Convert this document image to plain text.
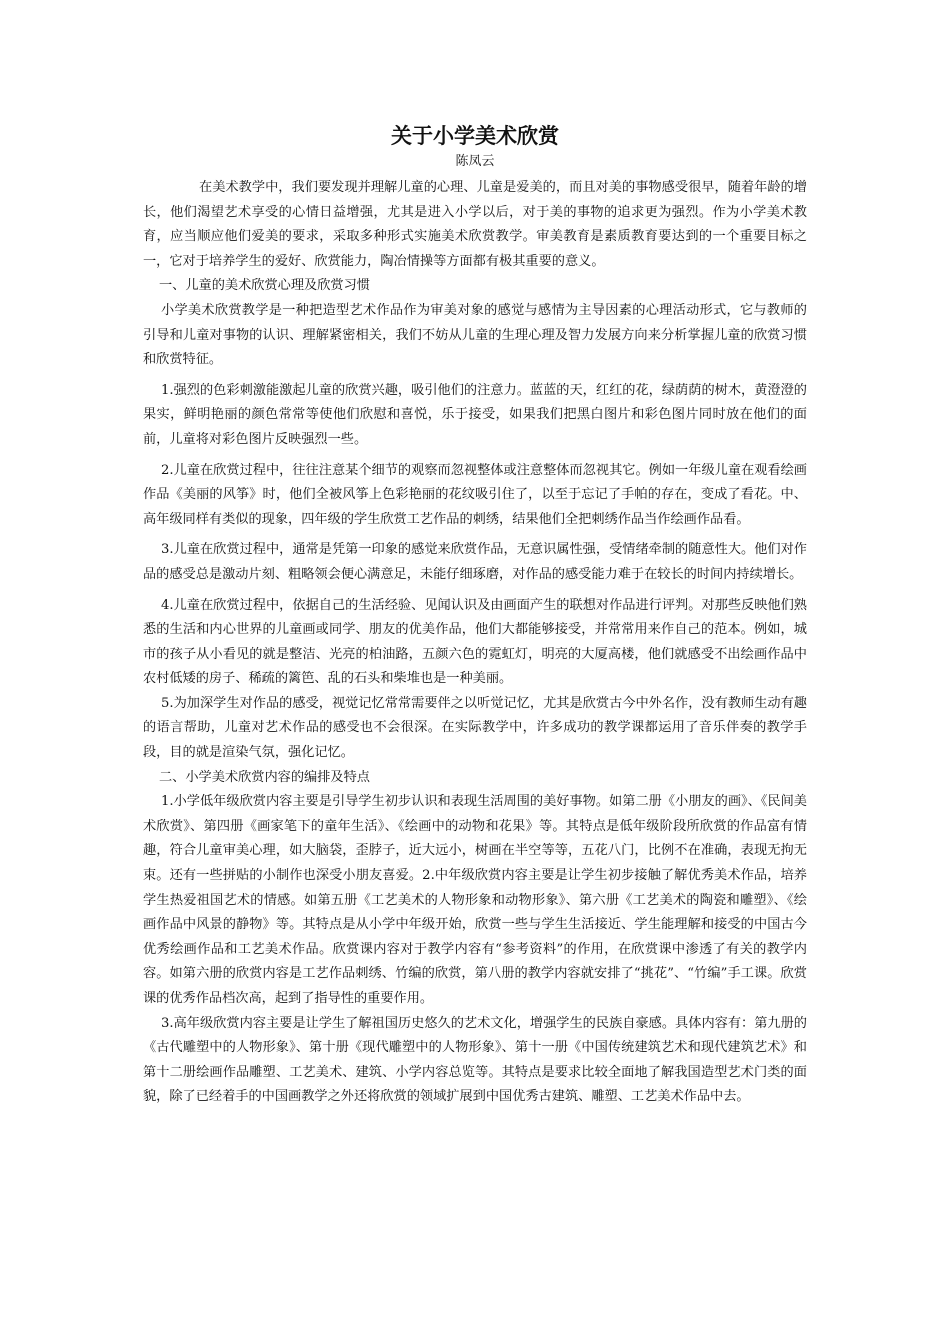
关于小学美术欣赏

陈凤云

在美术教学中，我们要发现并理解儿童的心理、儿童是爱美的，而且对美的事物感受很早，随着年龄的增长，他们渴望艺术享受的心情日益增强，尤其是进入小学以后，对于美的事物的追求更为强烈。作为小学美术教育，应当顺应他们爱美的要求，采取多种形式实施美术欣赏教学。审美教育是素质教育要达到的一个重要目标之一，它对于培养学生的爱好、欣赏能力，陶冶情操等方面都有极其重要的意义。

一、儿童的美术欣赏心理及欣赏习惯

小学美术欣赏教学是一种把造型艺术作品作为审美对象的感觉与感情为主导因素的心理活动形式，它与教师的引导和儿童对事物的认识、理解紧密相关，我们不妨从儿童的生理心理及智力发展方向来分析掌握儿童的欣赏习惯和欣赏特征。

1.强烈的色彩刺激能激起儿童的欣赏兴趣，吸引他们的注意力。蓝蓝的天，红红的花，绿荫荫的树木，黄澄澄的果实，鲜明艳丽的颜色常常等使他们欣慰和喜悦，乐于接受，如果我们把黑白图片和彩色图片同时放在他们的面前，儿童将对彩色图片反映强烈一些。

2.儿童在欣赏过程中，往往注意某个细节的观察而忽视整体或注意整体而忽视其它。例如一年级儿童在观看绘画作品《美丽的风筝》时，他们全被风筝上色彩艳丽的花纹吸引住了，以至于忘记了手帕的存在，变成了看花。中、高年级同样有类似的现象，四年级的学生欣赏工艺作品的刺绣，结果他们全把刺绣作品当作绘画作品看。

3.儿童在欣赏过程中，通常是凭第一印象的感觉来欣赏作品，无意识属性强，受情绪牵制的随意性大。他们对作品的感受总是激动片刻、粗略领会便心满意足，未能仔细琢磨，对作品的感受能力难于在较长的时间内持续增长。

4.儿童在欣赏过程中，依据自己的生活经验、见闻认识及由画面产生的联想对作品进行评判。对那些反映他们熟悉的生活和内心世界的儿童画或同学、朋友的优美作品，他们大都能够接受，并常常用来作自己的范本。例如，城市的孩子从小看见的就是整洁、光亮的柏油路，五颜六色的霓虹灯，明亮的大厦高楼，他们就感受不出绘画作品中农村低矮的房子、稀疏的篱笆、乱的石头和柴堆也是一种美丽。

5.为加深学生对作品的感受，视觉记忆常常需要伴之以听觉记忆，尤其是欣赏古今中外名作，没有教师生动有趣的语言帮助，儿童对艺术作品的感受也不会很深。在实际教学中，许多成功的教学课都运用了音乐伴奏的教学手段，目的就是渲染气氛，强化记忆。

二、小学美术欣赏内容的编排及特点

1.小学低年级欣赏内容主要是引导学生初步认识和表现生活周围的美好事物。如第二册《小朋友的画》、《民间美术欣赏》、第四册《画家笔下的童年生活》、《绘画中的动物和花果》等。其特点是低年级阶段所欣赏的作品富有情趣，符合儿童审美心理，如大脑袋，歪脖子，近大远小，树画在半空等等，五花八门，比例不在准确，表现无拘无束。还有一些拼贴的小制作也深受小朋友喜爱。2.中年级欣赏内容主要是让学生初步接触了解优秀美术作品，培养学生热爱祖国艺术的情感。如第五册《工艺美术的人物形象和动物形象》、第六册《工艺美术的陶瓷和雕塑》、《绘画作品中风景的静物》等。其特点是从小学中年级开始，欣赏一些与学生生活接近、学生能理解和接受的中国古今优秀绘画作品和工艺美术作品。欣赏课内容对于教学内容有“参考资料”的作用，在欣赏课中渗透了有关的教学内容。如第六册的欣赏内容是工艺作品刺绣、竹编的欣赏，第八册的教学内容就安排了“挑花”、“竹编”手工课。欣赏课的优秀作品档次高，起到了指导性的重要作用。

3.高年级欣赏内容主要是让学生了解祖国历史悠久的艺术文化，增强学生的民族自豪感。具体内容有：第九册的《古代雕塑中的人物形象》、第十册《现代雕塑中的人物形象》、第十一册《中国传统建筑艺术和现代建筑艺术》和第十二册绘画作品雕塑、工艺美术、建筑、小学内容总览等。其特点是要求比较全面地了解我国造型艺术门类的面貌，除了已经着手的中国画教学之外还将欣赏的领域扩展到中国优秀古建筑、雕塑、工艺美术作品中去。
